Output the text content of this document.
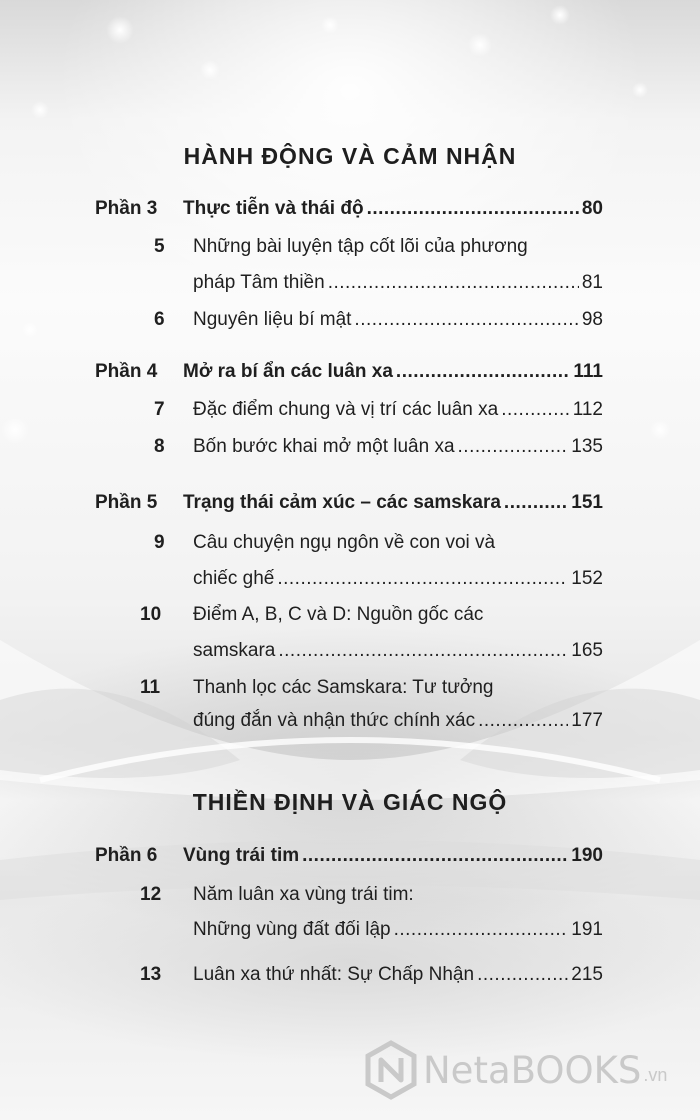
HÀNH ĐỘNG VÀ CẢM NHẬN
Phần 3	Thực tiễn và thái độ .....	80
5	Những bài luyện tập cốt lõi của phương
pháp Tâm thiền .....	81
6	Nguyên liệu bí mật .....	98
Phần 4	Mở ra bí ẩn các luân xa .....	111
7	Đặc điểm chung và vị trí các luân xa .....	112
8	Bốn bước khai mở một luân xa .....	135
Phần 5	Trạng thái cảm xúc – các samskara .....	151
9	Câu chuyện ngụ ngôn về con voi và
chiếc ghế .....	152
10	Điểm A, B, C và D: Nguồn gốc các
samskara .....	165
11	Thanh lọc các Samskara: Tư tưởng
đúng đắn và nhận thức chính xác .....	177
THIỀN ĐỊNH VÀ GIÁC NGỘ
Phần 6	Vùng trái tim .....	190
12	Năm luân xa vùng trái tim:
Những vùng đất đối lập .....	191
13	Luân xa thứ nhất: Sự Chấp Nhận .....	215
NetaBOOKS .vn
